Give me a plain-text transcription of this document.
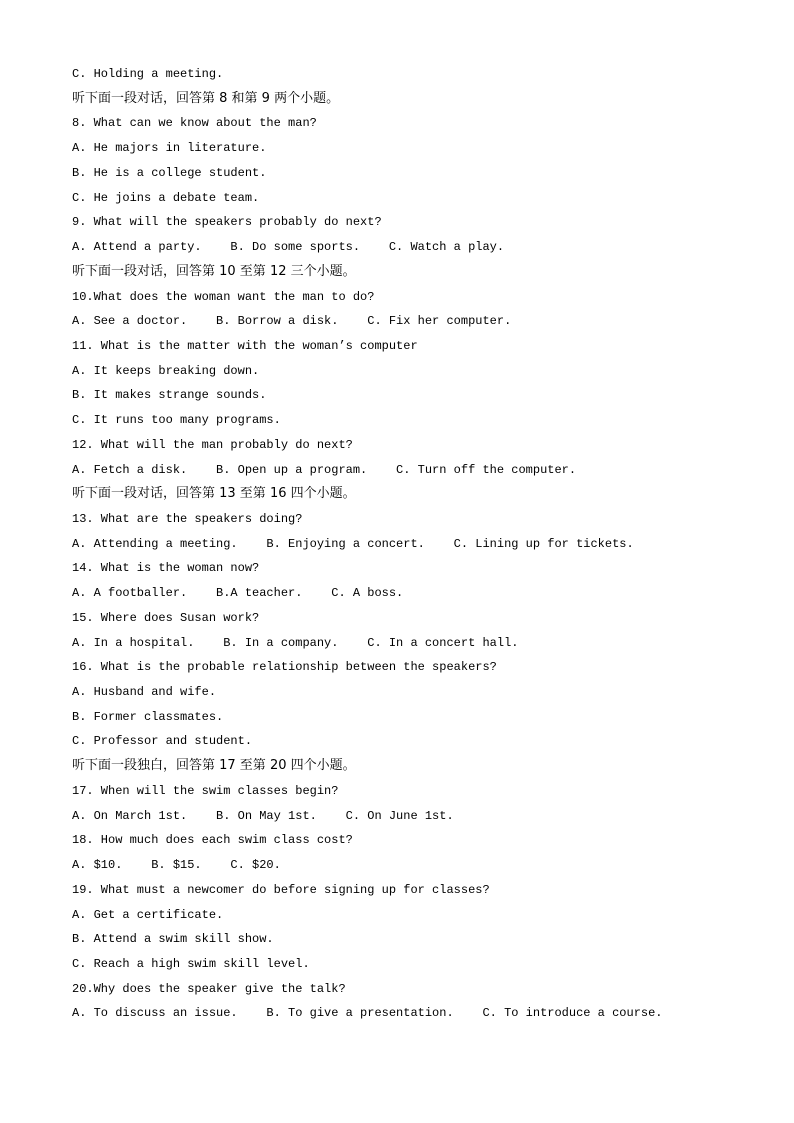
C. Holding a meeting.

听下面一段对话，回答第 8 和第 9 两个小题。

8. What can we know about the man?

A. He majors in literature.

B. He is a college student.

C. He joins a debate team.

9. What will the speakers probably do next?

A. Attend a party.    B. Do some sports.    C. Watch a play.

听下面一段对话，回答第 10 至第 12 三个小题。

10.What does the woman want the man to do?

A. See a doctor.    B. Borrow a disk.    C. Fix her computer.

11. What is the matter with the woman’s computer

A. It keeps breaking down.

B. It makes strange sounds.

C. It runs too many programs.

12. What will the man probably do next?

A. Fetch a disk.    B. Open up a program.    C. Turn off the computer.

听下面一段对话，回答第 13 至第 16 四个小题。

13. What are the speakers doing?

A. Attending a meeting.    B. Enjoying a concert.    C. Lining up for tickets.

14. What is the woman now?

A. A footballer.    B.A teacher.    C. A boss.

15. Where does Susan work?

A. In a hospital.    B. In a company.    C. In a concert hall.

16. What is the probable relationship between the speakers?

A. Husband and wife.

B. Former classmates.

C. Professor and student.

听下面一段独白，回答第 17 至第 20 四个小题。

17. When will the swim classes begin?

A. On March 1st.    B. On May 1st.    C. On June 1st.

18. How much does each swim class cost?

A. $10.    B. $15.    C. $20.

19. What must a newcomer do before signing up for classes?

A. Get a certificate.

B. Attend a swim skill show.

C. Reach a high swim skill level.

20.Why does the speaker give the talk?

A. To discuss an issue.    B. To give a presentation.    C. To introduce a course.
